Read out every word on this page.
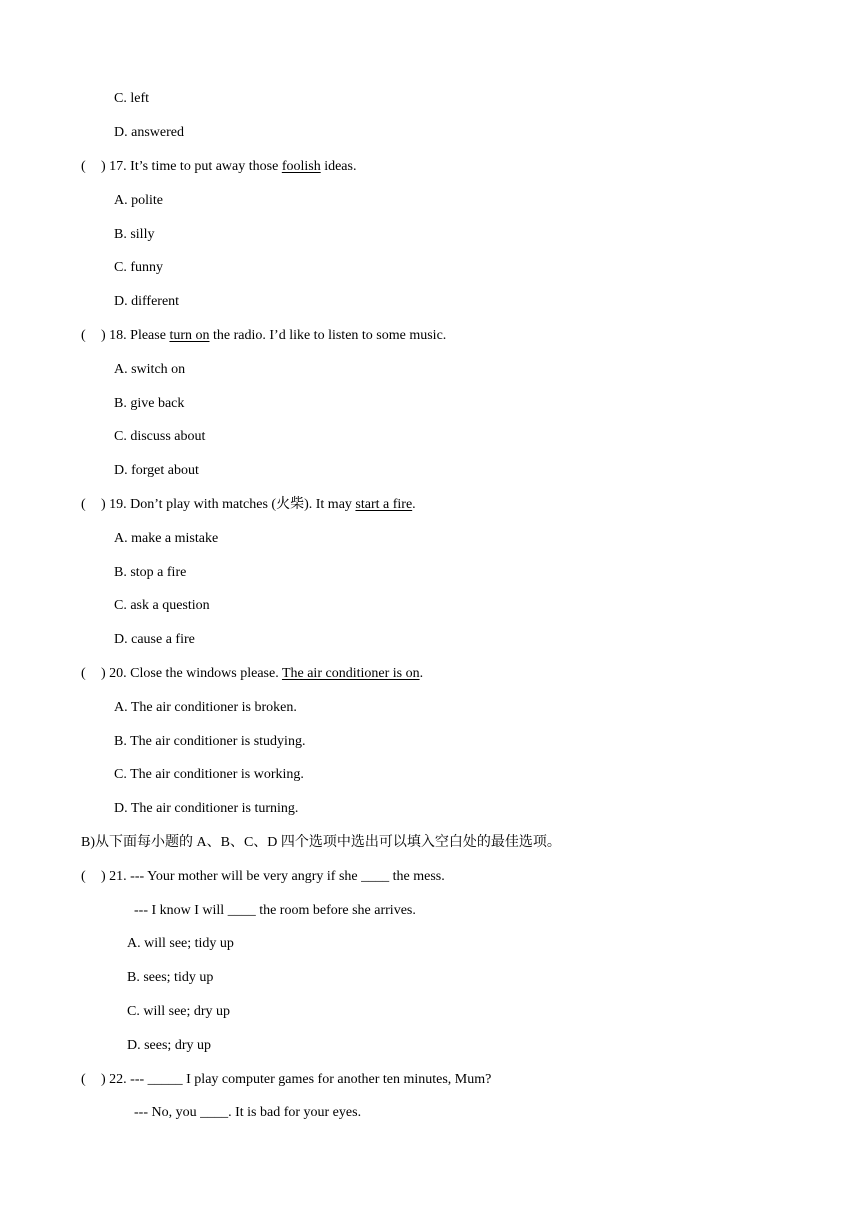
C. left
D. answered
( ) 17. It’s time to put away those foolish ideas.
A. polite
B. silly
C. funny
D. different
( ) 18. Please turn on the radio. I’d like to listen to some music.
A. switch on
B. give back
C. discuss about
D. forget about
( ) 19. Don’t play with matches (火柴). It may start a fire.
A. make a mistake
B. stop a fire
C. ask a question
D. cause a fire
( ) 20. Close the windows please. The air conditioner is on.
A. The air conditioner is broken.
B. The air conditioner is studying.
C. The air conditioner is working.
D. The air conditioner is turning.
B)从下面每小题的 A、B、C、D 四个选项中选出可以填入空白处的最佳选项。
( ) 21. --- Your mother will be very angry if she ____ the mess.
--- I know I will ____ the room before she arrives.
A. will see; tidy up
B. sees; tidy up
C. will see; dry up
D. sees; dry up
( ) 22. --- _____ I play computer games for another ten minutes, Mum?
--- No, you ____. It is bad for your eyes.
